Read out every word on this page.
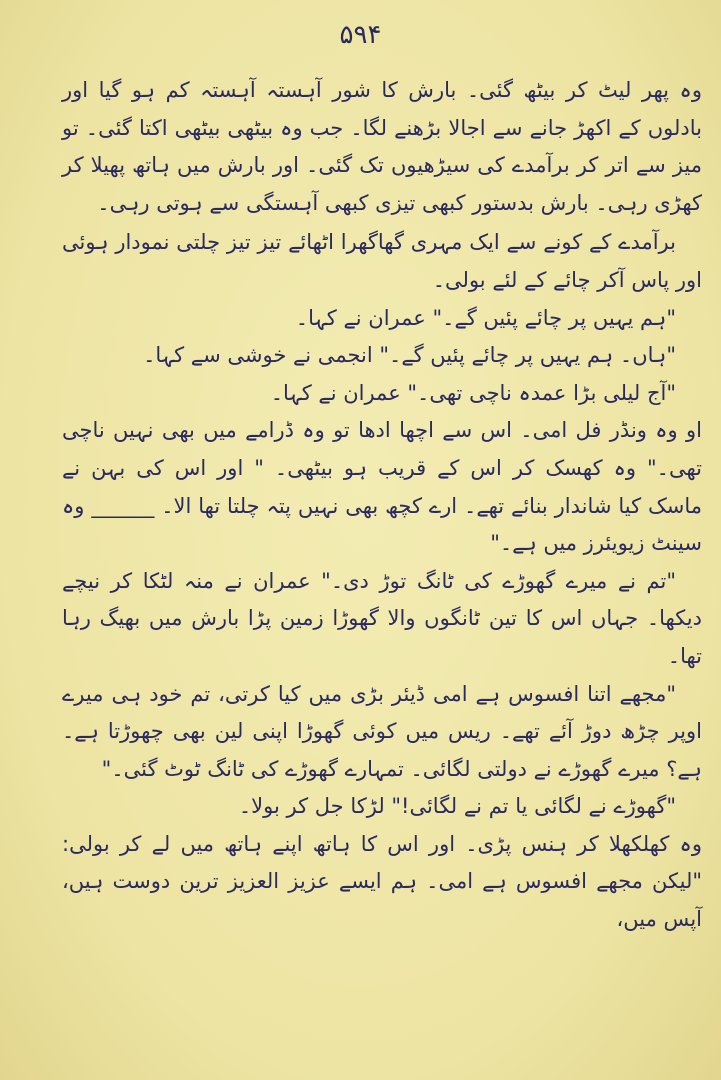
۵۹۴

وہ پھر لیٹ کر بیٹھ گئی۔ بارش کا شور آہستہ آہستہ کم ہو گیا اور بادلوں کے اکھڑ جانے سے اجالا بڑھنے لگا۔ جب وہ بیٹھی بیٹھی اکتا گئی۔ تو میز سے اتر کر برآمدے کی سیڑھیوں تک گئی۔ اور بارش میں ہاتھ پھیلا کر کھڑی رہی۔ بارش بدستور کبھی تیزی کبھی آہستگی سے ہوتی رہی۔

برآمدے کے کونے سے ایک مہری گھاگھرا اٹھائے تیز تیز چلتی نمودار ہوئی اور پاس آکر چائے کے لئے بولی۔

"ہم یہیں پر چائے پئیں گے۔" عمران نے کہا۔

"ہاں۔ ہم یہیں پر چائے پئیں گے۔" انجمی نے خوشی سے کہا۔

"آج لیلی بڑا عمدہ ناچی تھی۔" عمران نے کہا۔

او وہ ونڈر فل امی۔ اس سے اچھا ادھا تو وہ ڈرامے میں بھی نہیں ناچی تھی۔" وہ کھسک کر اس کے قریب ہو بیٹھی۔ " اور اس کی بہن نے ماسک کیا شاندار بنائے تھے۔ ارے کچھ بھی نہیں پتہ چلتا تھا الا۔ ______ وہ سینٹ زیویئرز میں ہے۔"

"تم نے میرے گھوڑے کی ٹانگ توڑ دی۔" عمران نے منہ لٹکا کر نیچے دیکھا۔ جہاں اس کا تین ٹانگوں والا گھوڑا زمین پڑا بارش میں بھیگ رہا تھا۔

"مجھے اتنا افسوس ہے امی ڈیئر بڑی میں کیا کرتی، تم خود ہی میرے اوپر چڑھ دوڑ آئے تھے۔ ریس میں کوئی گھوڑا اپنی لین بھی چھوڑتا ہے۔ ہے؟ میرے گھوڑے نے دولتی لگائی۔ تمہارے گھوڑے کی ٹانگ ٹوٹ گئی۔"

"گھوڑے نے لگائی یا تم نے لگائی!" لڑکا جل کر بولا۔

وہ کھلکھلا کر ہنس پڑی۔ اور اس کا ہاتھ اپنے ہاتھ میں لے کر بولی: "لیکن مجھے افسوس ہے امی۔ ہم ایسے عزیز العزیز ترین دوست ہیں، آپس میں،
